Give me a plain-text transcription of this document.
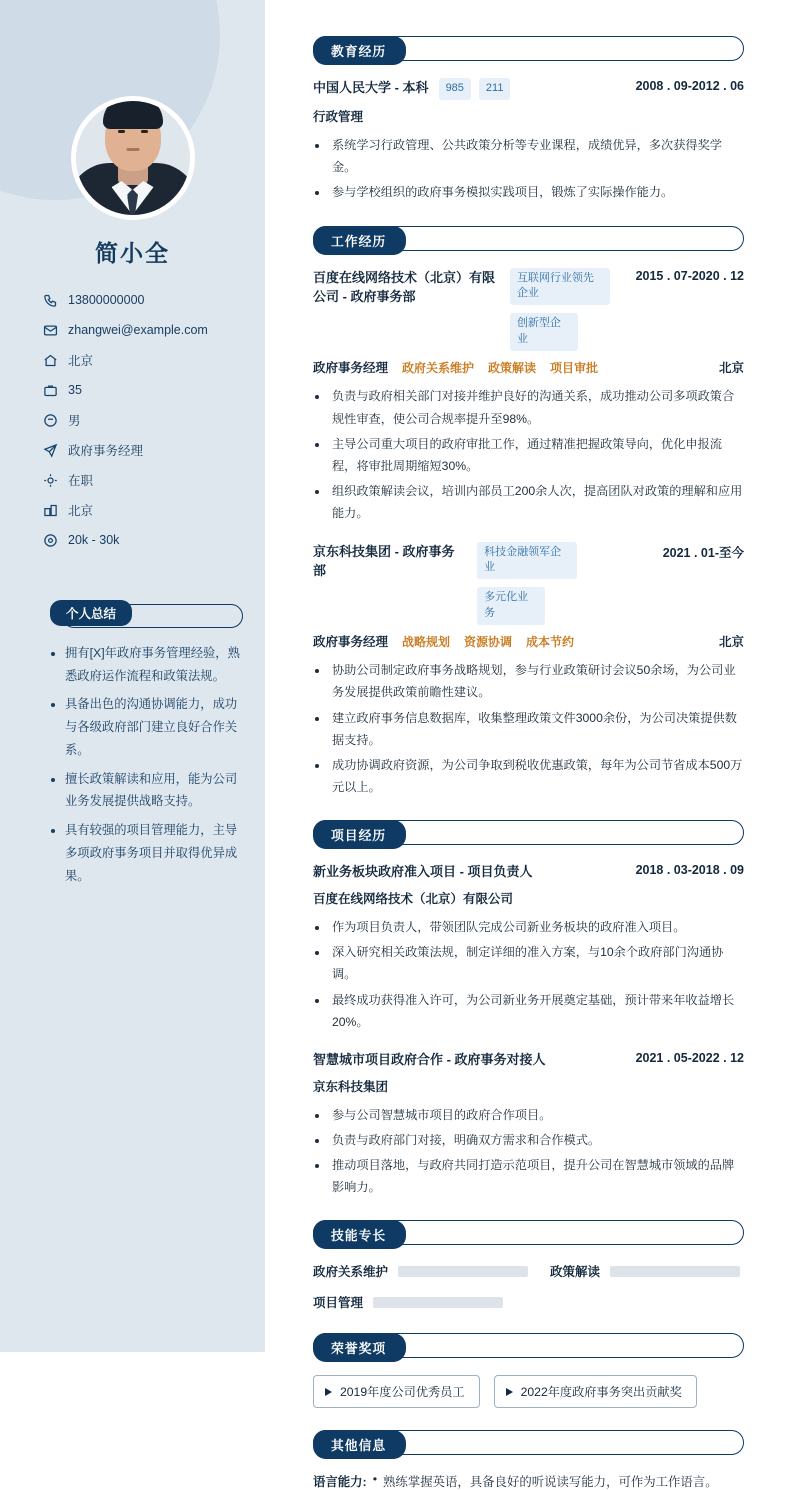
简小全
13800000000
zhangwei@example.com
北京
35
男
政府事务经理
在职
北京
20k - 30k
个人总结
• 拥有[X]年政府事务管理经验，熟悉政府运作流程和政策法规。
• 具备出色的沟通协调能力，成功与各级政府部门建立良好合作关系。
• 擅长政策解读和应用，能为公司业务发展提供战略支持。
• 具有较强的项目管理能力，主导多项政府事务项目并取得优异成果。
教育经历
中国人民大学 - 本科	985	211	2008 . 09-2012 . 06
行政管理
• 系统学习行政管理、公共政策分析等专业课程，成绩优异，多次获得奖学金。
• 参与学校组织的政府事务模拟实践项目，锻炼了实际操作能力。
工作经历
百度在线网络技术（北京）有限公司 - 政府事务部
互联网行业领先企业
创新型企业
2015 . 07-2020 . 12
政府事务经理 政府关系维护 政策解读 项目审批	北京
• 负责与政府相关部门对接并维护良好的沟通关系，成功推动公司多项政策合规性审查，使公司合规率提升至98%。
• 主导公司重大项目的政府审批工作，通过精准把握政策导向，优化申报流程，将审批周期缩短30%。
• 组织政策解读会议，培训内部员工200余人次，提高团队对政策的理解和应用能力。
京东科技集团 - 政府事务部
科技金融领军企业
多元化业务
2021 . 01-至今
政府事务经理 战略规划 资源协调 成本节约	北京
• 协助公司制定政府事务战略规划，参与行业政策研讨会议50余场，为公司业务发展提供政策前瞻性建议。
• 建立政府事务信息数据库，收集整理政策文件3000余份，为公司决策提供数据支持。
• 成功协调政府资源，为公司争取到税收优惠政策，每年为公司节省成本500万元以上。
项目经历
新业务板块政府准入项目 - 项目负责人	2018 . 03-2018 . 09
百度在线网络技术（北京）有限公司
• 作为项目负责人，带领团队完成公司新业务板块的政府准入项目。
• 深入研究相关政策法规，制定详细的准入方案，与10余个政府部门沟通协调。
• 最终成功获得准入许可，为公司新业务开展奠定基础，预计带来年收益增长20%。
智慧城市项目政府合作 - 政府事务对接人	2021 . 05-2022 . 12
京东科技集团
• 参与公司智慧城市项目的政府合作项目。
• 负责与政府部门对接，明确双方需求和合作模式。
• 推动项目落地，与政府共同打造示范项目，提升公司在智慧城市领域的品牌影响力。
技能专长
政府关系维护	政策解读
项目管理
荣誉奖项
2019年度公司优秀员工	2022年度政府事务突出贡献奖
其他信息
语言能力: • 熟练掌握英语，具备良好的听说读写能力，可作为工作语言。
